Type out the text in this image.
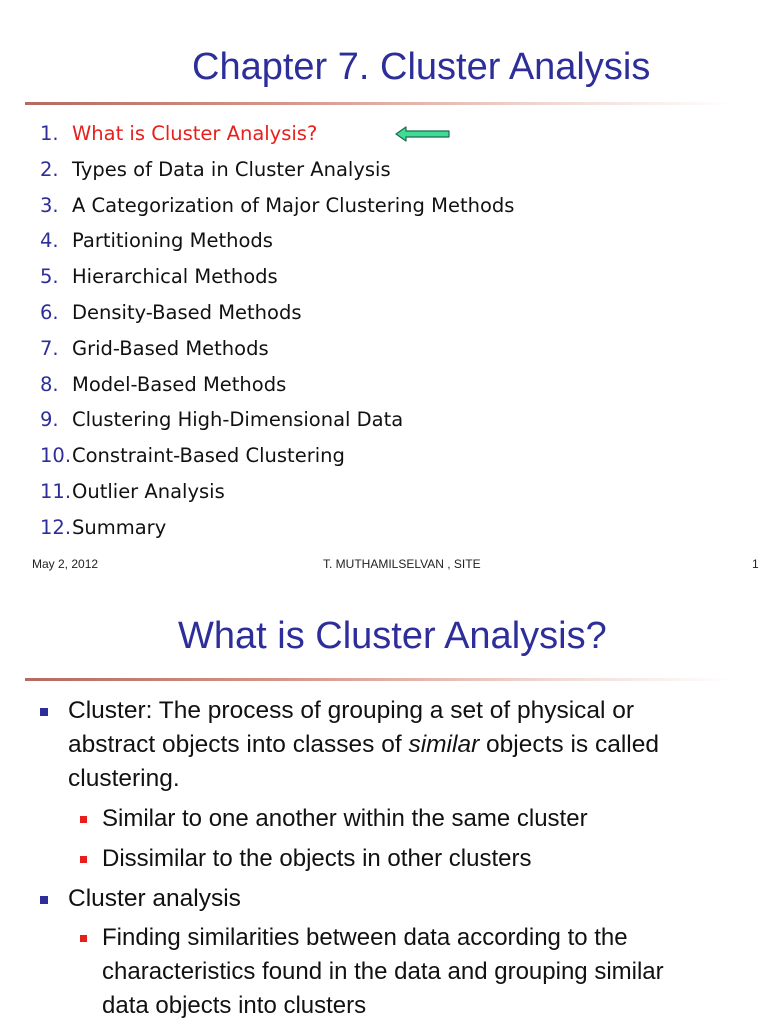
Chapter 7. Cluster Analysis
1. What is Cluster Analysis?
2. Types of Data in Cluster Analysis
3. A Categorization of Major Clustering Methods
4. Partitioning Methods
5. Hierarchical Methods
6. Density-Based Methods
7. Grid-Based Methods
8. Model-Based Methods
9. Clustering High-Dimensional Data
10.Constraint-Based Clustering
11.Outlier Analysis
12.Summary
May 2, 2012	T. MUTHAMILSELVAN , SITE	1
What is Cluster Analysis?
Cluster: The process of grouping a set of physical or
abstract objects into classes of similar objects is called
clustering.
Similar to one another within the same cluster
Dissimilar to the objects in other clusters
Cluster analysis
Finding similarities between data according to the
characteristics found in the data and grouping similar
data objects into clusters
